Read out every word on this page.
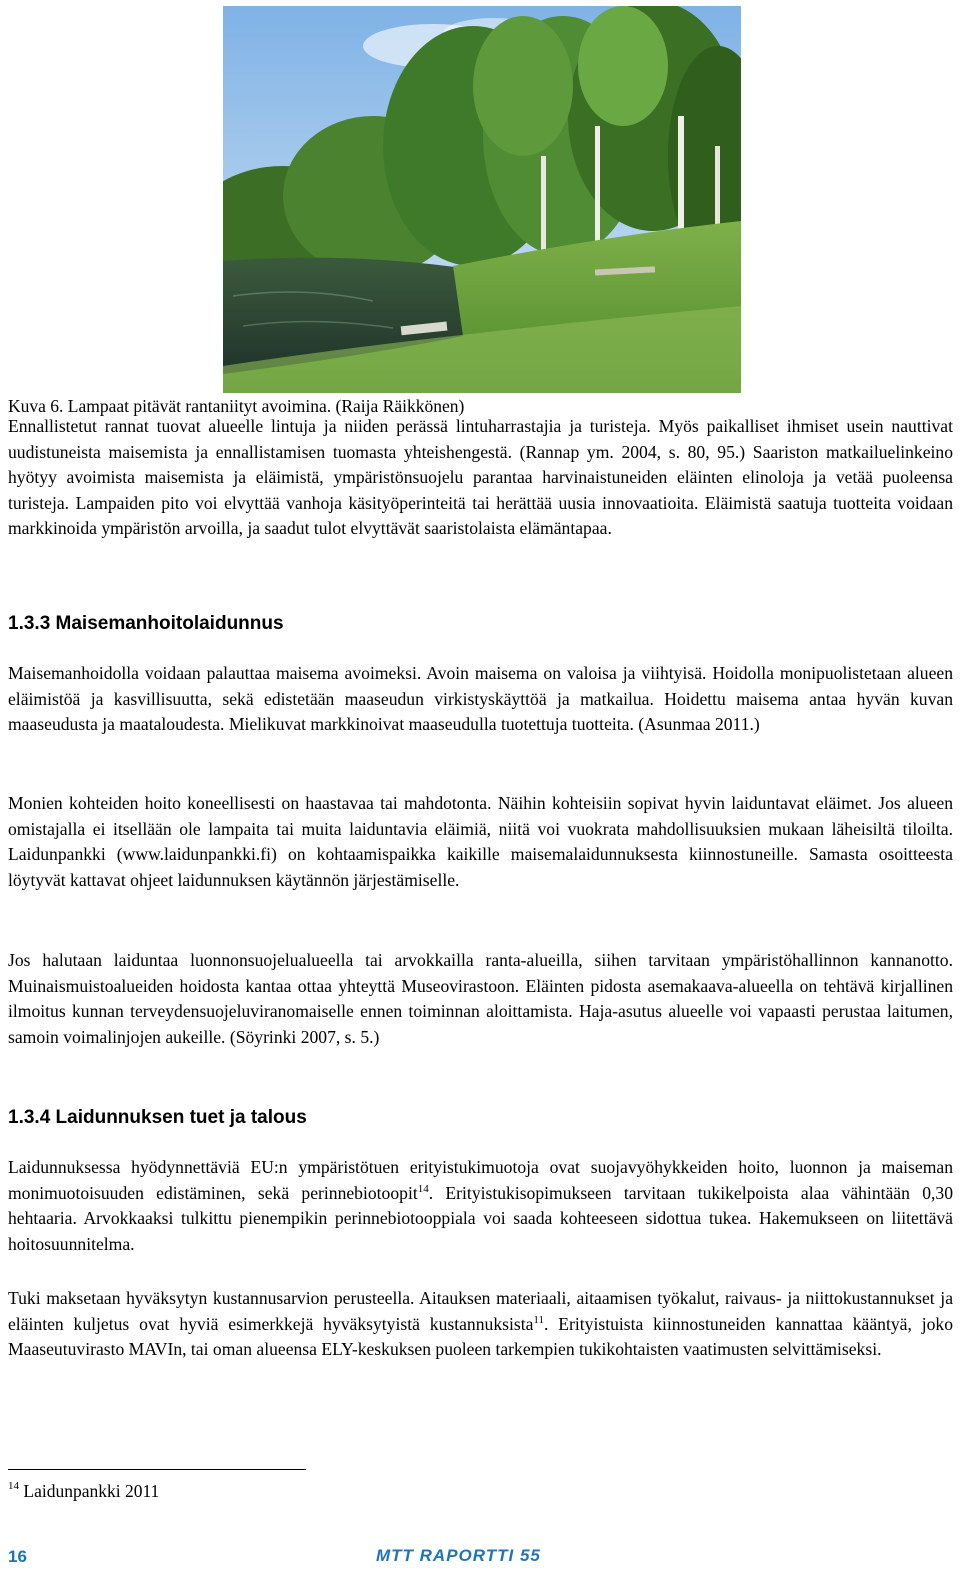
Kuva 6. Lampaat pitävät rantaniityt avoimina. (Raija Räikkönen)

Ennallistetut rannat tuovat alueelle lintuja ja niiden perässä lintuharrastajia ja turisteja. Myös paikalliset ihmiset usein nauttivat uudistuneista maisemista ja ennallistamisen tuomasta yhteishengestä. (Rannap ym. 2004, s. 80, 95.) Saariston matkailuelinkeino hyötyy avoimista maisemista ja eläimistä, ympäristönsuojelu parantaa harvinaistuneiden eläinten elinoloja ja vetää puoleensa turisteja. Lampaiden pito voi elvyttää vanhoja käsityöperinteitä tai herättää uusia innovaatioita. Eläimistä saatuja tuotteita voidaan markkinoida ympäristön arvoilla, ja saadut tulot elvyttävät saaristolaista elämäntapaa.

1.3.3 Maisemanhoitolaidunnus

Maisemanhoidolla voidaan palauttaa maisema avoimeksi. Avoin maisema on valoisa ja viihtyisä. Hoidolla monipuolistetaan alueen eläimistöä ja kasvillisuutta, sekä edistetään maaseudun virkistyskäyttöä ja matkailua. Hoidettu maisema antaa hyvän kuvan maaseudusta ja maataloudesta. Mielikuvat markkinoivat maaseudulla tuotettuja tuotteita. (Asunmaa 2011.)

Monien kohteiden hoito koneellisesti on haastavaa tai mahdotonta. Näihin kohteisiin sopivat hyvin laiduntavat eläimet. Jos alueen omistajalla ei itsellään ole lampaita tai muita laiduntavia eläimiä, niitä voi vuokrata mahdollisuuksien mukaan läheisiltä tiloilta. Laidunpankki (www.laidunpankki.fi) on kohtaamispaikka kaikille maisemalaidunnuksesta kiinnostuneille. Samasta osoitteesta löytyvät kattavat ohjeet laidunnuksen käytännön järjestämiselle.

Jos halutaan laiduntaa luonnonsuojelualueella tai arvokkailla ranta-alueilla, siihen tarvitaan ympäristöhallinnon kannanotto. Muinaismuistoalueiden hoidosta kantaa ottaa yhteyttä Museovirastoon. Eläinten pidosta asemakaava-alueella on tehtävä kirjallinen ilmoitus kunnan terveydensuojeluviranomaiselle ennen toiminnan aloittamista. Haja-asutus alueelle voi vapaasti perustaa laitumen, samoin voimalinjojen aukeille. (Söyrinki 2007, s. 5.)

1.3.4 Laidunnuksen tuet ja talous

Laidunnuksessa hyödynnettäviä EU:n ympäristötuen erityistukimuotoja ovat suojavyöhykkeiden hoito, luonnon ja maiseman monimuotoisuuden edistäminen, sekä perinnebiotoopit$^{14}$. Erityistukisopimukseen tarvitaan tukikelpoista alaa vähintään 0,30 hehtaaria. Arvokkaaksi tulkittu pienempikin perinnebiotooppiala voi saada kohteeseen sidottua tukea. Hakemukseen on liitettävä hoitosuunnitelma.

Tuki maksetaan hyväksytyn kustannusarvion perusteella. Aitauksen materiaali, aitaamisen työkalut, raivaus- ja niittokustannukset ja eläinten kuljetus ovat hyviä esimerkkejä hyväksytyistä kustannuksista$^{11}$. Erityistuista kiinnostuneiden kannattaa kääntyä, joko Maaseutuvirasto MAVIn, tai oman alueensa ELY-keskuksen puoleen tarkempien tukikohtaisten vaatimusten selvittämiseksi.

$^{14}$ Laidunpankki 2011
16	MTT RAPORTTI 55
